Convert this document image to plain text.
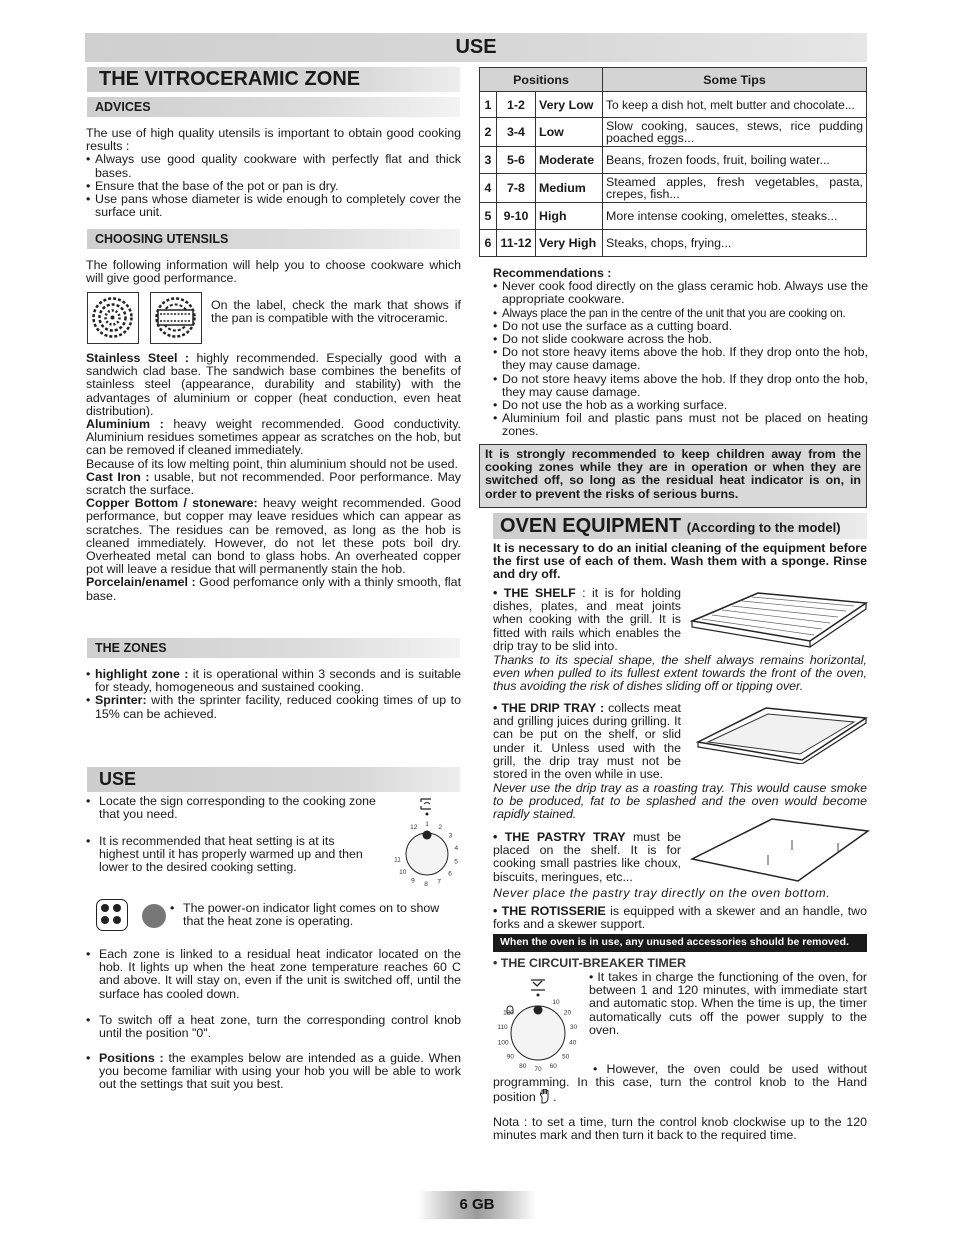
USE
THE VITROCERAMIC ZONE
ADVICES

The use of high quality utensils is important to obtain good cooking results :

• Always use good quality cookware with perfectly flat and thick bases.
• Ensure that the base of the pot or pan is dry.
• Use pans whose diameter is wide enough to completely cover the surface unit.
CHOOSING UTENSILS
The following information will help you to choose cookware which will give good performance.
On the label, check the mark that shows if the pan is compatible with the vitroceramic.

Stainless Steel : highly recommended. Especially good with a sandwich clad base. The sandwich base combines the benefits of stainless steel (appearance, durability and stability) with the advantages of aluminium or copper (heat conduction, even heat distribution).

Aluminium : heavy weight recommended. Good conductivity. Aluminium residues sometimes appear as scratches on the hob, but can be removed if cleaned immediately.

Because of its low melting point, thin aluminium should not be used.

Cast Iron : usable, but not recommended. Poor performance. May scratch the surface.

Copper Bottom / stoneware: heavy weight recommended. Good performance, but copper may leave residues which can appear as scratches. The residues can be removed, as long as the hob is cleaned immediately. However, do not let these pots boil dry. Overheated metal can bond to glass hobs. An overheated copper pot will leave a residue that will permanently stain the hob.

Porcelain/enamel : Good perfomance only with a thinly smooth, flat base.

THE ZONES
• highlight zone : it is operational within 3 seconds and is suitable for steady, homogeneous and sustained cooking.
• Sprinter: with the sprinter facility, reduced cooking times of up to 15% can be achieved.
USE
• Locate the sign corresponding to the cooking zone that you need.
• It is recommended that heat setting is at its highest until it has properly warmed up and then lower to the desired cooking setting.
12 1 2
3
4
5
6
7
8
9
10
11
• The power-on indicator light comes on to show that the heat zone is operating.
• Each zone is linked to a residual heat indicator located on the hob. It lights up when the heat zone temperature reaches 60 C and above. It will stay on, even if the unit is switched off, until the surface has cooled down.
• To switch off a heat zone, turn the corresponding control knob until the position "0".
• Positions : the examples below are intended as a guide. When you become familiar with using your hob you will be able to work out the settings that suit you best.
Positions			Some Tips
1	1-2	Very Low	To keep a dish hot, melt butter and chocolate...
2	3-4	Low	Slow cooking, sauces, stews, rice pudding poached eggs...
3	5-6	Moderate	Beans, frozen foods, fruit, boiling water...
4	7-8	Medium	Steamed apples, fresh vegetables, pasta, crepes, fish...
5	9-10	High	More intense cooking, omelettes, steaks...
6	11-12	Very High	Steaks, chops, frying...

Recommendations :

• Never cook food directly on the glass ceramic hob. Always use the appropriate cookware.
• Always place the pan in the centre of the unit that you are cooking on.
• Do not use the surface as a cutting board.
• Do not slide cookware across the hob.
• Do not store heavy items above the hob. If they drop onto the hob, they may cause damage.
• Do not store heavy items above the hob. If they drop onto the hob, they may cause damage.
• Do not use the hob as a working surface.
• Aluminium foil and plastic pans must not be placed on heating zones.
It is strongly recommended to keep children away from the cooking zones while they are in operation or when they are switched off, so long as the residual heat indicator is on, in order to prevent the risks of serious burns.
OVEN EQUIPMENT (According to the model)
It is necessary to do an initial cleaning of the equipment before the first use of each of them. Wash them with a sponge. Rinse and dry off.
• THE SHELF : it is for holding dishes, plates, and meat joints when cooking with the grill. It is fitted with rails which enables the drip tray to be slid into.
Thanks to its special shape, the shelf always remains horizontal, even when pulled to its fullest extent towards the front of the oven, thus avoiding the risk of dishes sliding off or tipping over.
• THE DRIP TRAY : collects meat and grilling juices during grilling. It can be put on the shelf, or slid under it. Unless used with the grill, the drip tray must not be stored in the oven while in use.
Never use the drip tray as a roasting tray. This would cause smoke to be produced, fat to be splashed and the oven would become rapidly stained.
• THE PASTRY TRAY must be placed on the shelf. It is for cooking small pastries like choux, biscuits, meringues, etc...
Never place the pastry tray directly on the oven bottom.
• THE ROTISSERIE is equipped with a skewer and an handle, two forks and a skewer support.
When the oven is in use, any unused accessories should be removed.
• THE CIRCUIT-BREAKER TIMER
10
20
30
40
50
60
70
80
90
100
110
120
• It takes in charge the functioning of the oven, for between 1 and 120 minutes, with immediate start and automatic stop. When the time is up, the timer automatically cuts off the power supply to the oven.
• However, the oven could be used without programming. In this case, turn the control knob to the Hand position .
Nota : to set a time, turn the control knob clockwise up to the 120 minutes mark and then turn it back to the required time.
6 GB
